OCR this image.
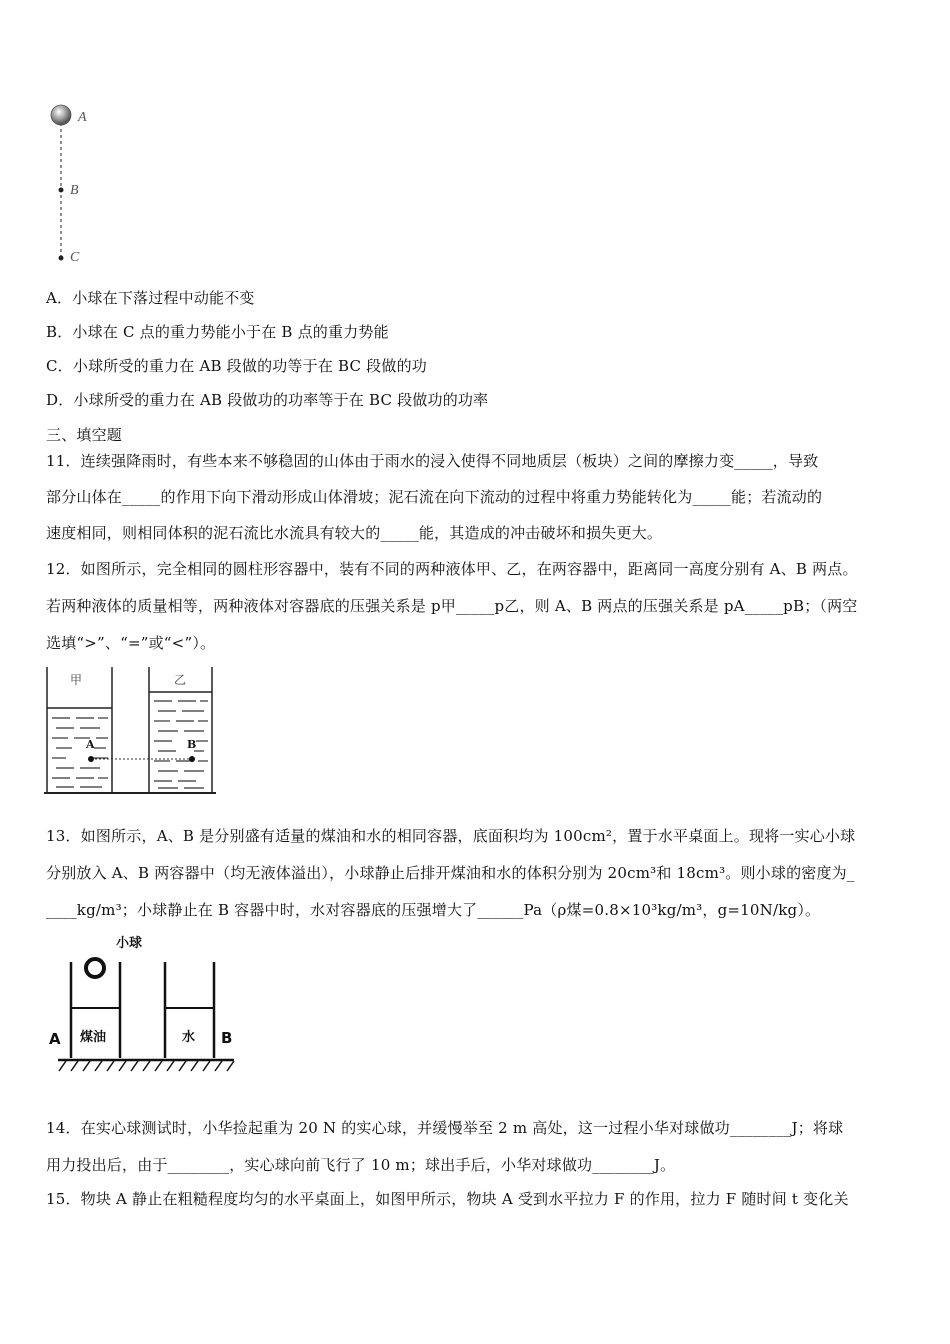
A
B
C
A．小球在下落过程中动能不变
B．小球在 C 点的重力势能小于在 B 点的重力势能
C．小球所受的重力在 AB 段做的功等于在 BC 段做的功
D．小球所受的重力在 AB 段做功的功率等于在 BC 段做功的功率
三、填空题
11．连续强降雨时，有些本来不够稳固的山体由于雨水的浸入使得不同地质层（板块）之间的摩擦力变_____，导致
部分山体在_____的作用下向下滑动形成山体滑坡；泥石流在向下流动的过程中将重力势能转化为_____能；若流动的
速度相同，则相同体积的泥石流比水流具有较大的_____能，其造成的冲击破坏和损失更大。
12．如图所示，完全相同的圆柱形容器中，装有不同的两种液体甲、乙，在两容器中，距离同一高度分别有 A、B 两点。
若两种液体的质量相等，两种液体对容器底的压强关系是 p甲_____p乙，则 A、B 两点的压强关系是 pA_____pB；（两空
选填“>”、“=”或“<”）。
甲	乙
A	B
13．如图所示，A、B 是分别盛有适量的煤油和水的相同容器，底面积均为 100cm²，置于水平桌面上。现将一实心小球
分别放入 A、B 两容器中（均无液体溢出），小球静止后排开煤油和水的体积分别为 20cm³和 18cm³。则小球的密度为_
____kg/m³；小球静止在 B 容器中时，水对容器底的压强增大了______Pa（ρ煤=0.8×10³kg/m³，g=10N/kg）。
小球
煤油	水
A	B
14．在实心球测试时，小华捡起重为 20 N 的实心球，并缓慢举至 2 m 高处，这一过程小华对球做功________J；将球
用力投出后，由于________，实心球向前飞行了 10 m；球出手后，小华对球做功________J。
15．物块 A 静止在粗糙程度均匀的水平桌面上，如图甲所示，物块 A 受到水平拉力 F 的作用，拉力 F 随时间 t 变化关
